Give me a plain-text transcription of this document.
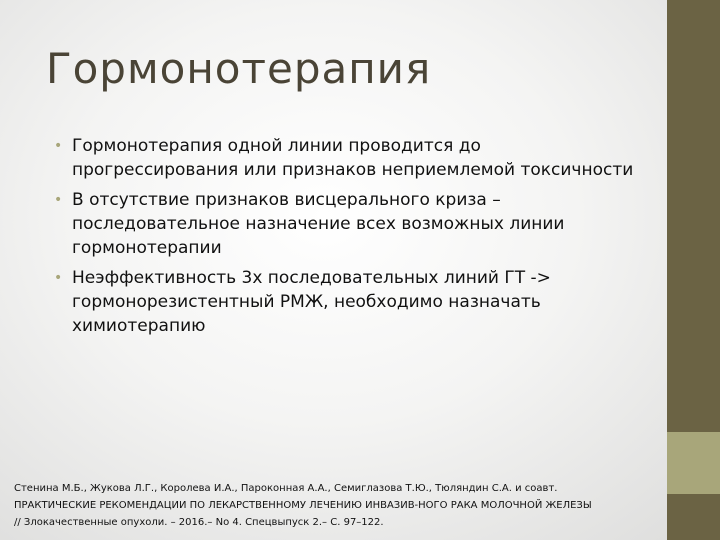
Гормонотерапия
• Гормонотерапия одной линии проводится до прогрессирования или признаков неприемлемой токсичности
• В отсутствие признаков висцерального криза – последовательное назначение всех возможных линии гормонотерапии
• Неэффективность 3х последовательных линий ГТ -> гормонорезистентный РМЖ, необходимо назначать химиотерапию
Стенина М.Б., Жукова Л.Г., Королева И.А., Пароконная А.А., Семиглазова Т.Ю., Тюляндин С.А. и соавт.
ПРАКТИЧЕСКИЕ РЕКОМЕНДАЦИИ ПО ЛЕКАРСТВЕННОМУ ЛЕЧЕНИЮ ИНВАЗИВ-НОГО РАКА МОЛОЧНОЙ ЖЕЛЕЗЫ
// Злокачественные опухоли. – 2016.– No 4. Спецвыпуск 2.– С. 97–122.
